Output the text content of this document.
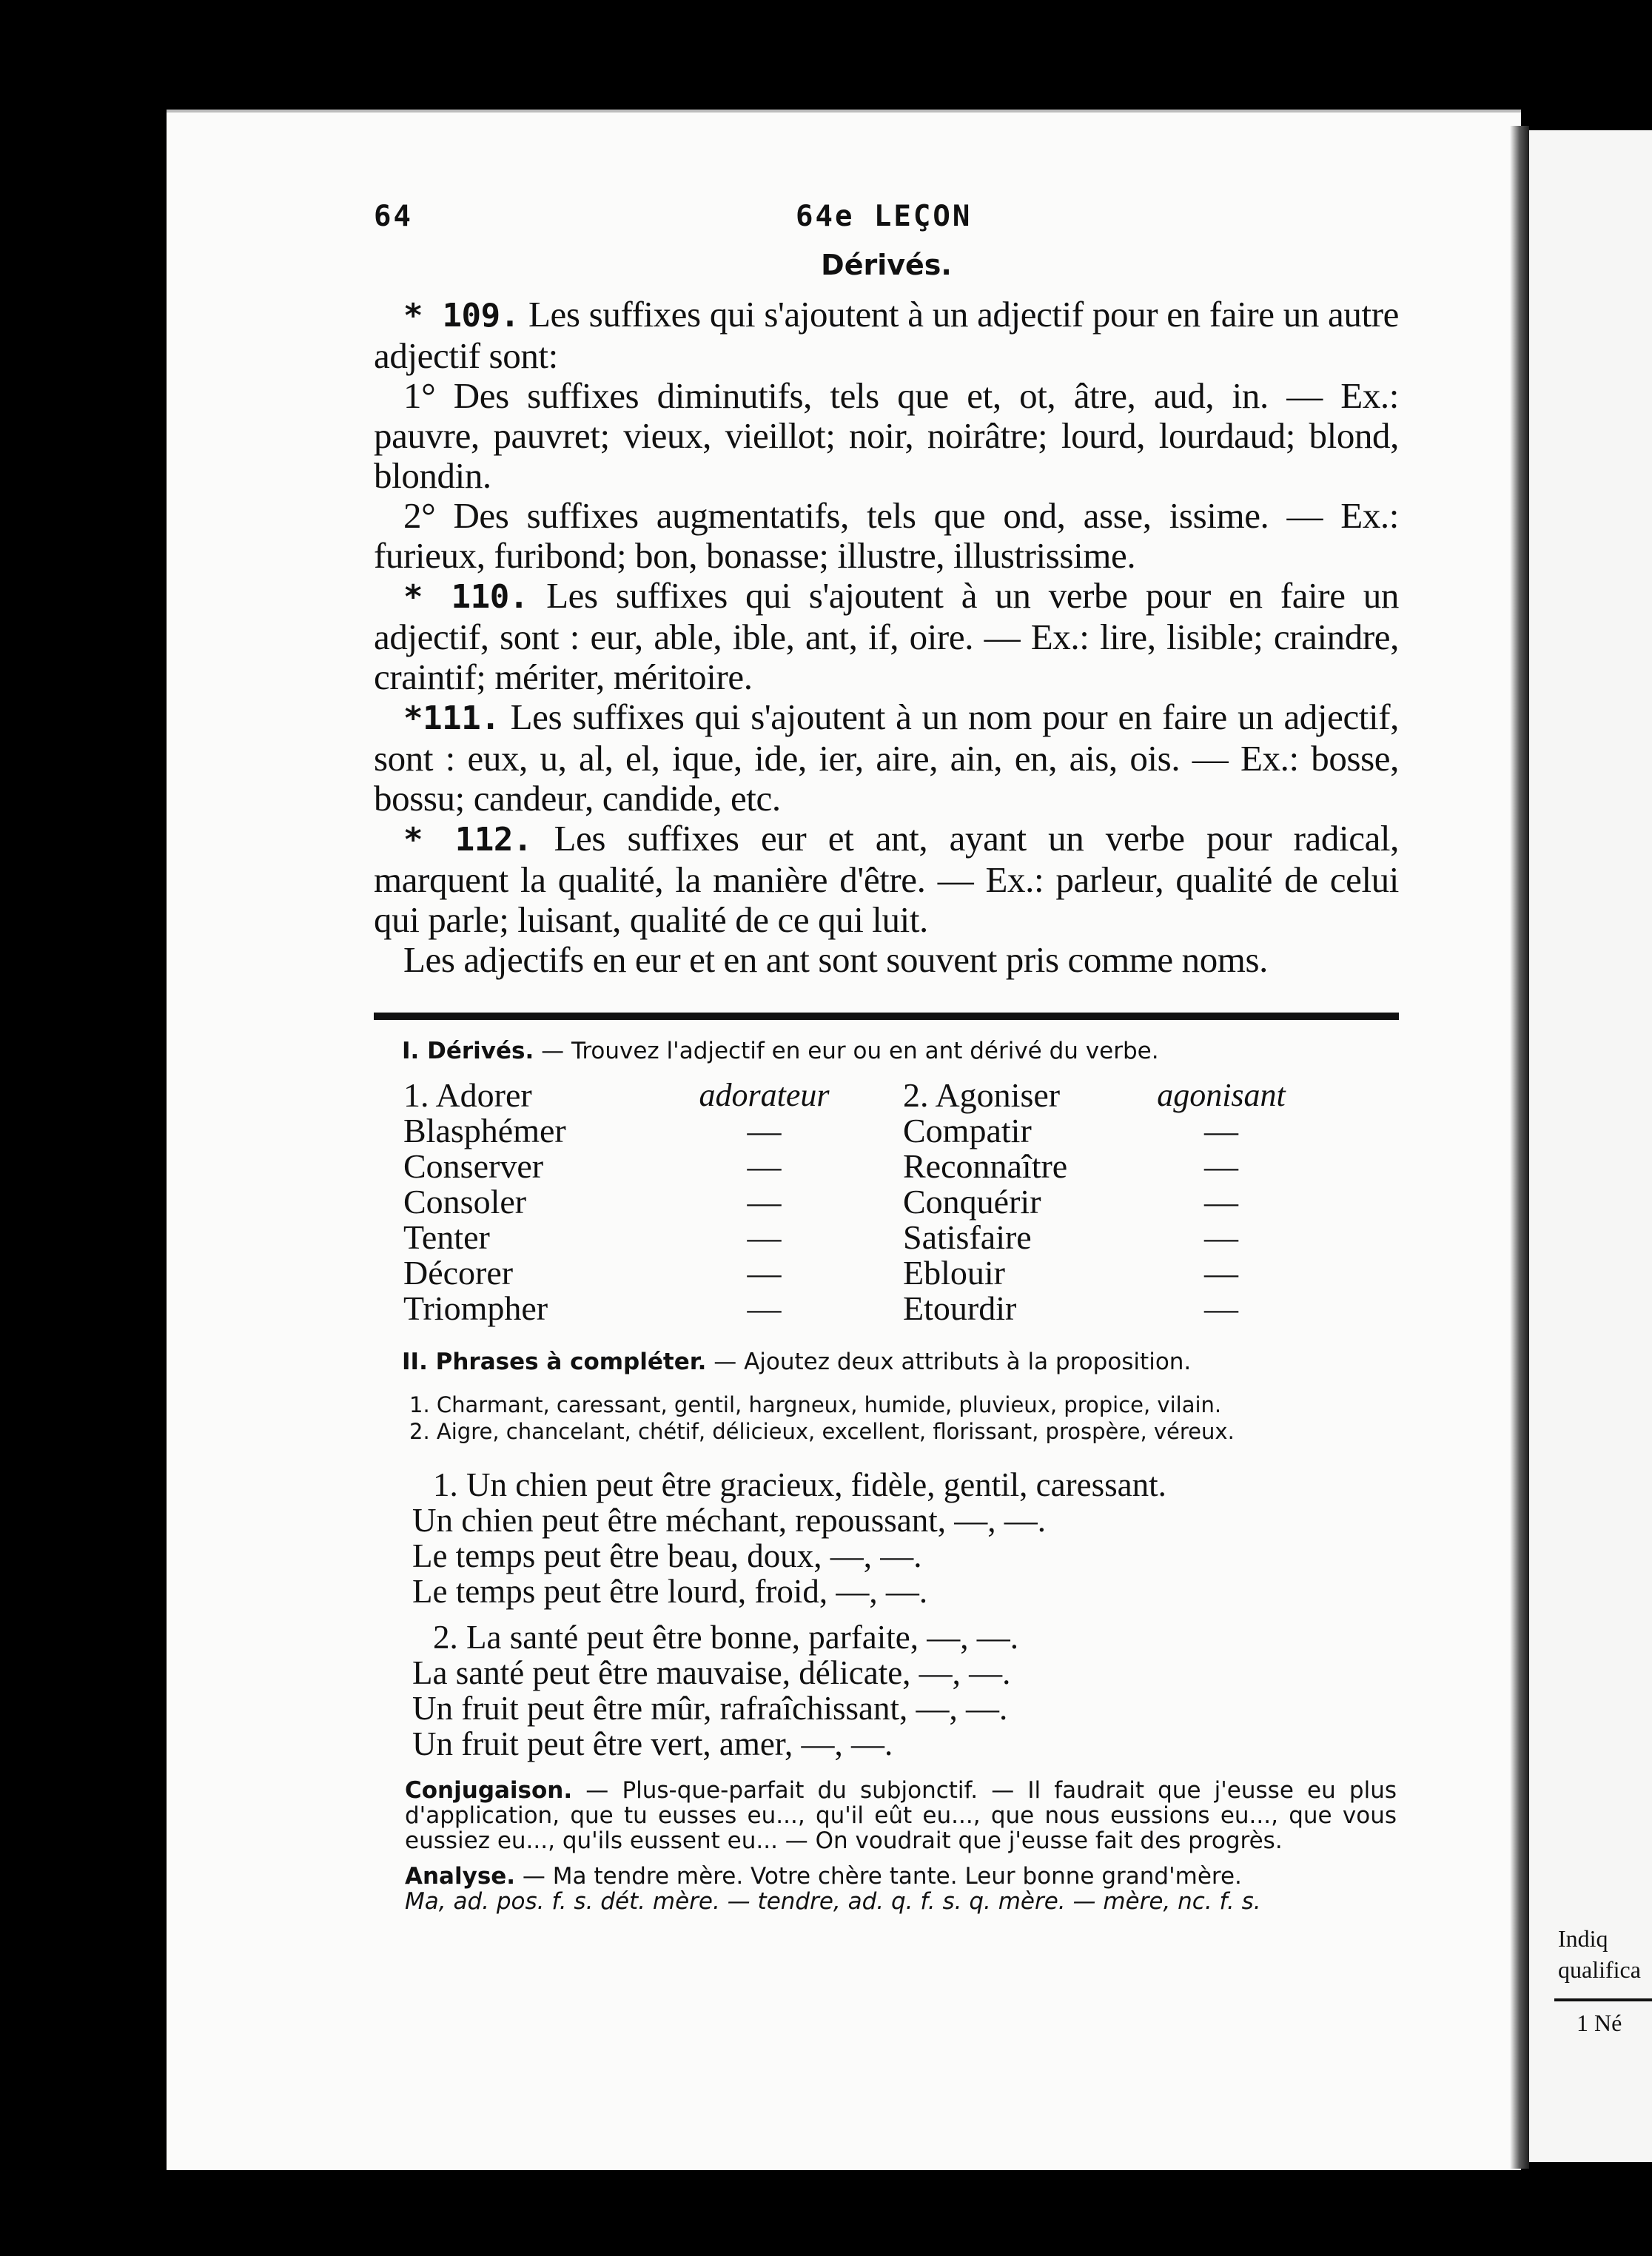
Indiq
qualifica
1 Né
64	64e LEÇON
Dérivés.

* 109. Les suffixes qui s'ajoutent à un adjectif pour en faire un autre adjectif sont:

1° Des suffixes diminutifs, tels que et, ot, âtre, aud, in. — Ex.: pauvre, pauvret; vieux, vieillot; noir, noirâtre; lourd, lourdaud; blond, blondin.

2° Des suffixes augmentatifs, tels que ond, asse, issime. — Ex.: furieux, furibond; bon, bonasse; illustre, illustrissime.

* 110. Les suffixes qui s'ajoutent à un verbe pour en faire un adjectif, sont : eur, able, ible, ant, if, oire. — Ex.: lire, lisible; craindre, craintif; mériter, méritoire.

*111. Les suffixes qui s'ajoutent à un nom pour en faire un adjectif, sont : eux, u, al, el, ique, ide, ier, aire, ain, en, ais, ois. — Ex.: bosse, bossu; candeur, candide, etc.

* 112. Les suffixes eur et ant, ayant un verbe pour radical, marquent la qualité, la manière d'être. — Ex.: parleur, qualité de celui qui parle; luisant, qualité de ce qui luit.

Les adjectifs en eur et en ant sont souvent pris comme noms.

I. Dérivés. — Trouvez l'adjectif en eur ou en ant dérivé du verbe.
1. Adorer	adorateur	2. Agoniser	agonisant
Blasphémer	—	Compatir	—
Conserver	—	Reconnaître	—
Consoler	—	Conquérir	—
Tenter	—	Satisfaire	—
Décorer	—	Eblouir	—
Triompher	—	Etourdir	—
II. Phrases à compléter. — Ajoutez deux attributs à la proposition.
1. Charmant, caressant, gentil, hargneux, humide, pluvieux, propice, vilain.
2. Aigre, chancelant, chétif, délicieux, excellent, florissant, prospère, véreux.
1. Un chien peut être gracieux, fidèle, gentil, caressant.
Un chien peut être méchant, repoussant, —, —.
Le temps peut être beau, doux, —, —.
Le temps peut être lourd, froid, —, —.
2. La santé peut être bonne, parfaite, —, —.
La santé peut être mauvaise, délicate, —, —.
Un fruit peut être mûr, rafraîchissant, —, —.
Un fruit peut être vert, amer, —, —.
Conjugaison. — Plus-que-parfait du subjonctif. — Il faudrait que j'eusse eu plus d'application, que tu eusses eu..., qu'il eût eu..., que nous eussions eu..., que vous eussiez eu..., qu'ils eussent eu... — On voudrait que j'eusse fait des progrès.
Analyse. — Ma tendre mère. Votre chère tante. Leur bonne grand'mère.
Ma, ad. pos. f. s. dét. mère. — tendre, ad. q. f. s. q. mère. — mère, nc. f. s.
